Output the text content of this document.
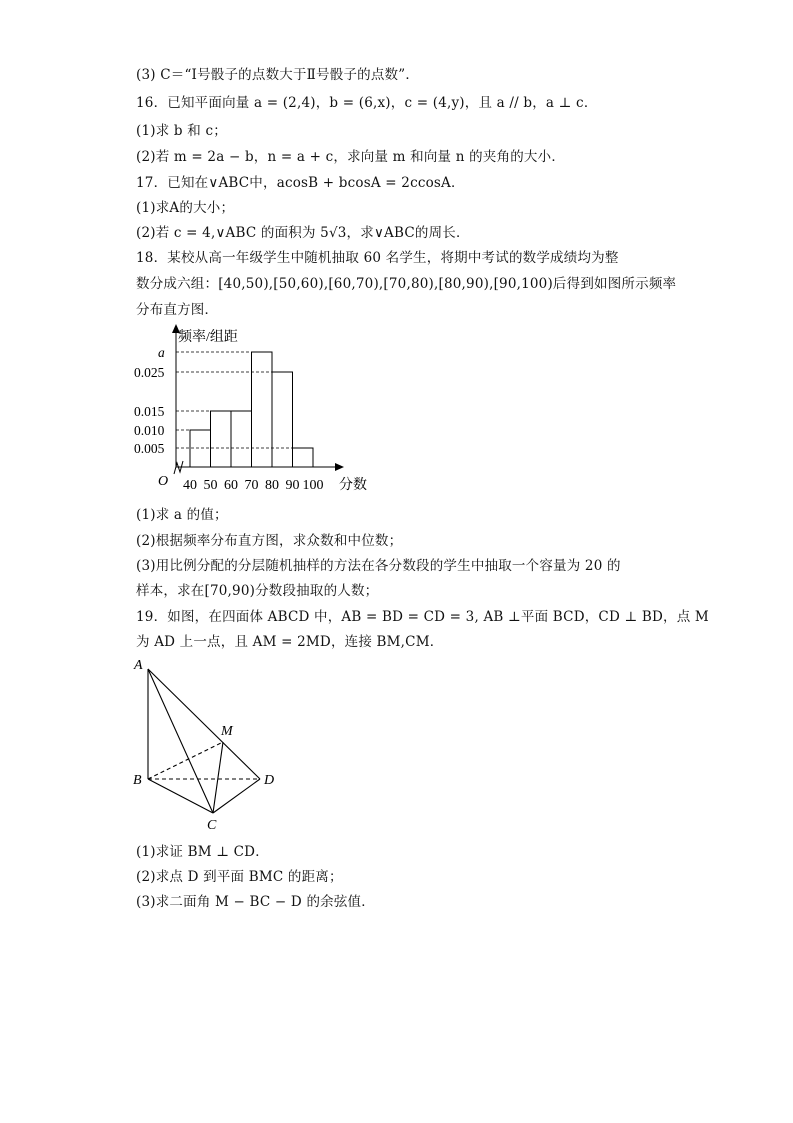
(3) C＝“Ⅰ号骰子的点数大于Ⅱ号骰子的点数”．
16．已知平面向量 a = (2,4)，b = (6,x)，c = (4,y)，且 a // b，a ⊥ c．
(1)求 b 和 c；
(2)若 m = 2a − b，n = a + c，求向量 m 和向量 n 的夹角的大小．
17．已知在∨ABC中，acosB + bcosA = 2ccosA．
(1)求A的大小；
(2)若 c = 4,∨ABC 的面积为 5√3，求∨ABC的周长．
18．某校从高一年级学生中随机抽取 60 名学生，将期中考试的数学成绩均为整
数分成六组：[40,50),[50,60),[60,70),[70,80),[80,90),[90,100)后得到如图所示频率
分布直方图．
频率/组距
O
0.005
0.010
0.015
0.025
a
40 50 60 70 80 90 100 分数
(1)求 a 的值；
(2)根据频率分布直方图，求众数和中位数；
(3)用比例分配的分层随机抽样的方法在各分数段的学生中抽取一个容量为 20 的
样本，求在[70,90)分数段抽取的人数；
19．如图，在四面体 ABCD 中，AB = BD = CD = 3, AB ⊥平面 BCD，CD ⊥ BD，点 M
为 AD 上一点，且 AM = 2MD，连接 BM,CM．
A
M
B	D
C
(1)求证 BM ⊥ CD．
(2)求点 D 到平面 BMC 的距离；
(3)求二面角 M − BC − D 的余弦值．
